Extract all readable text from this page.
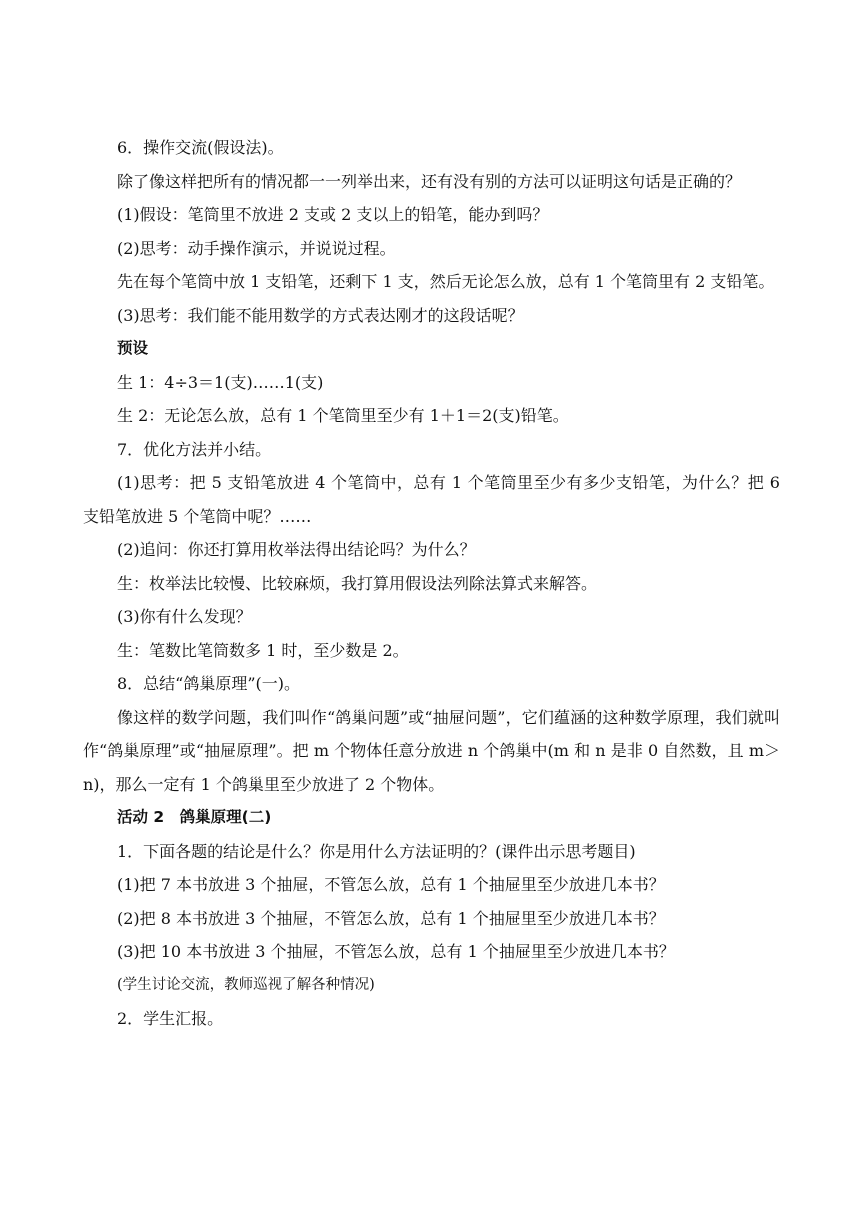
6．操作交流(假设法)。

除了像这样把所有的情况都一一列举出来，还有没有别的方法可以证明这句话是正确的？

(1)假设：笔筒里不放进 2 支或 2 支以上的铅笔，能办到吗？

(2)思考：动手操作演示，并说说过程。

先在每个笔筒中放 1 支铅笔，还剩下 1 支，然后无论怎么放，总有 1 个笔筒里有 2 支铅笔。

(3)思考：我们能不能用数学的方式表达刚才的这段话呢？

预设

生 1：4÷3＝1(支)……1(支)

生 2：无论怎么放，总有 1 个笔筒里至少有 1＋1＝2(支)铅笔。

7．优化方法并小结。

(1)思考：把 5 支铅笔放进 4 个笔筒中，总有 1 个笔筒里至少有多少支铅笔，为什么？把 6 支铅笔放进 5 个笔筒中呢？……

(2)追问：你还打算用枚举法得出结论吗？为什么？

生：枚举法比较慢、比较麻烦，我打算用假设法列除法算式来解答。

(3)你有什么发现？

生：笔数比笔筒数多 1 时，至少数是 2。

8．总结“鸽巢原理”(一)。

像这样的数学问题，我们叫作“鸽巢问题”或“抽屉问题”，它们蕴涵的这种数学原理，我们就叫作“鸽巢原理”或“抽屉原理”。把 m 个物体任意分放进 n 个鸽巢中(m 和 n 是非 0 自然数，且 m＞n)，那么一定有 1 个鸽巢里至少放进了 2 个物体。

活动 2　鸽巢原理(二)

1．下面各题的结论是什么？你是用什么方法证明的？(课件出示思考题目)

(1)把 7 本书放进 3 个抽屉，不管怎么放，总有 1 个抽屉里至少放进几本书？

(2)把 8 本书放进 3 个抽屉，不管怎么放，总有 1 个抽屉里至少放进几本书？

(3)把 10 本书放进 3 个抽屉，不管怎么放，总有 1 个抽屉里至少放进几本书？

(学生讨论交流，教师巡视了解各种情况)

2．学生汇报。
